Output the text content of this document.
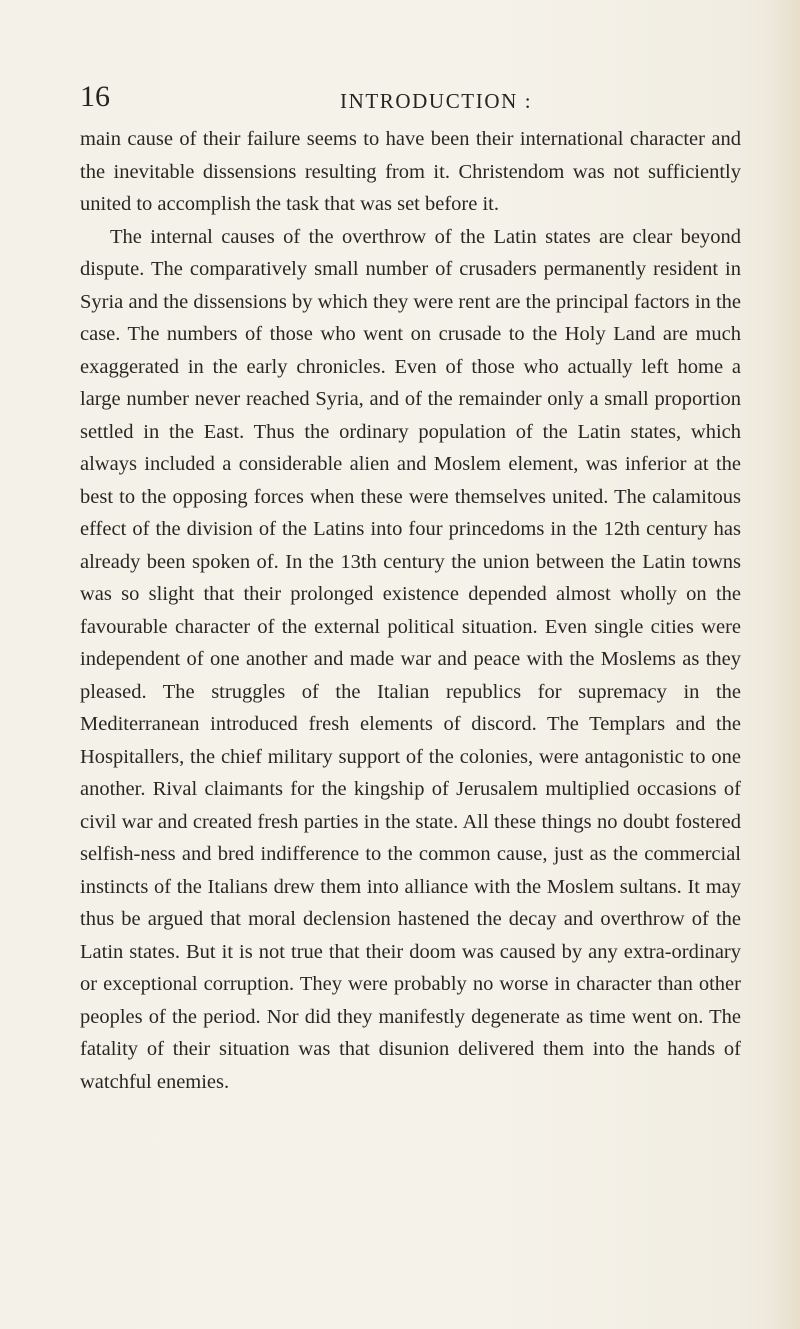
16	INTRODUCTION :

main cause of their failure seems to have been their international character and the inevitable dissensions resulting from it. Christendom was not sufficiently united to accomplish the task that was set before it.

The internal causes of the overthrow of the Latin states are clear beyond dispute. The comparatively small number of crusaders permanently resident in Syria and the dissensions by which they were rent are the principal factors in the case. The numbers of those who went on crusade to the Holy Land are much exaggerated in the early chronicles. Even of those who actually left home a large number never reached Syria, and of the remainder only a small proportion settled in the East. Thus the ordinary population of the Latin states, which always included a considerable alien and Moslem element, was inferior at the best to the opposing forces when these were themselves united. The calamitous effect of the division of the Latins into four princedoms in the 12th century has already been spoken of. In the 13th century the union between the Latin towns was so slight that their prolonged existence depended almost wholly on the favourable character of the external political situation. Even single cities were independent of one another and made war and peace with the Moslems as they pleased. The struggles of the Italian republics for supremacy in the Mediterranean introduced fresh elements of discord. The Templars and the Hospitallers, the chief military support of the colonies, were antagonistic to one another. Rival claimants for the kingship of Jerusalem multiplied occasions of civil war and created fresh parties in the state. All these things no doubt fostered selfish-ness and bred indifference to the common cause, just as the commercial instincts of the Italians drew them into alliance with the Moslem sultans. It may thus be argued that moral declension hastened the decay and overthrow of the Latin states. But it is not true that their doom was caused by any extra-ordinary or exceptional corruption. They were probably no worse in character than other peoples of the period. Nor did they manifestly degenerate as time went on. The fatality of their situation was that disunion delivered them into the hands of watchful enemies.
